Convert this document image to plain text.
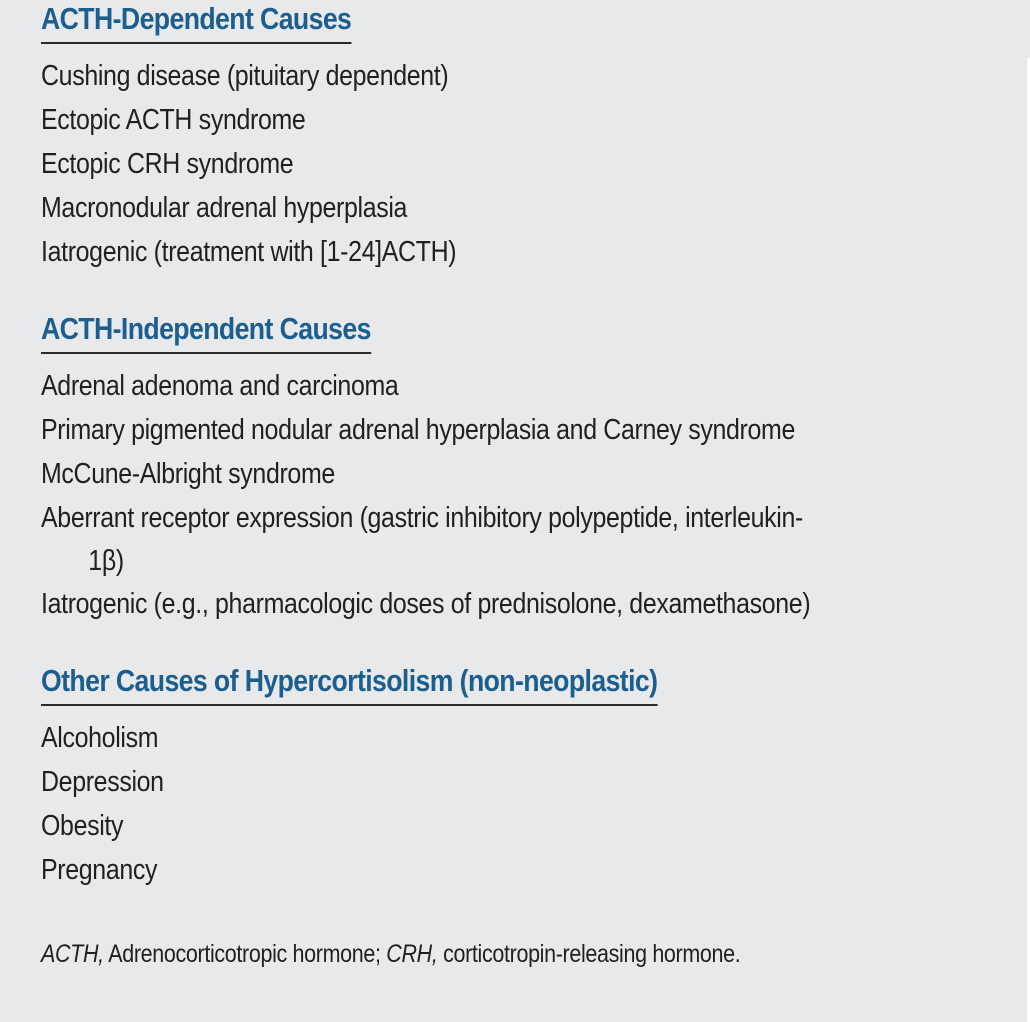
ACTH-Dependent Causes
Cushing disease (pituitary dependent)
Ectopic ACTH syndrome
Ectopic CRH syndrome
Macronodular adrenal hyperplasia
Iatrogenic (treatment with [1-24]ACTH)
ACTH-Independent Causes
Adrenal adenoma and carcinoma
Primary pigmented nodular adrenal hyperplasia and Carney syndrome
McCune-Albright syndrome
Aberrant receptor expression (gastric inhibitory polypeptide, interleukin-
1β)
Iatrogenic (e.g., pharmacologic doses of prednisolone, dexamethasone)
Other Causes of Hypercortisolism (non-neoplastic)
Alcoholism
Depression
Obesity
Pregnancy
ACTH, Adrenocorticotropic hormone; CRH, corticotropin-releasing hormone.
